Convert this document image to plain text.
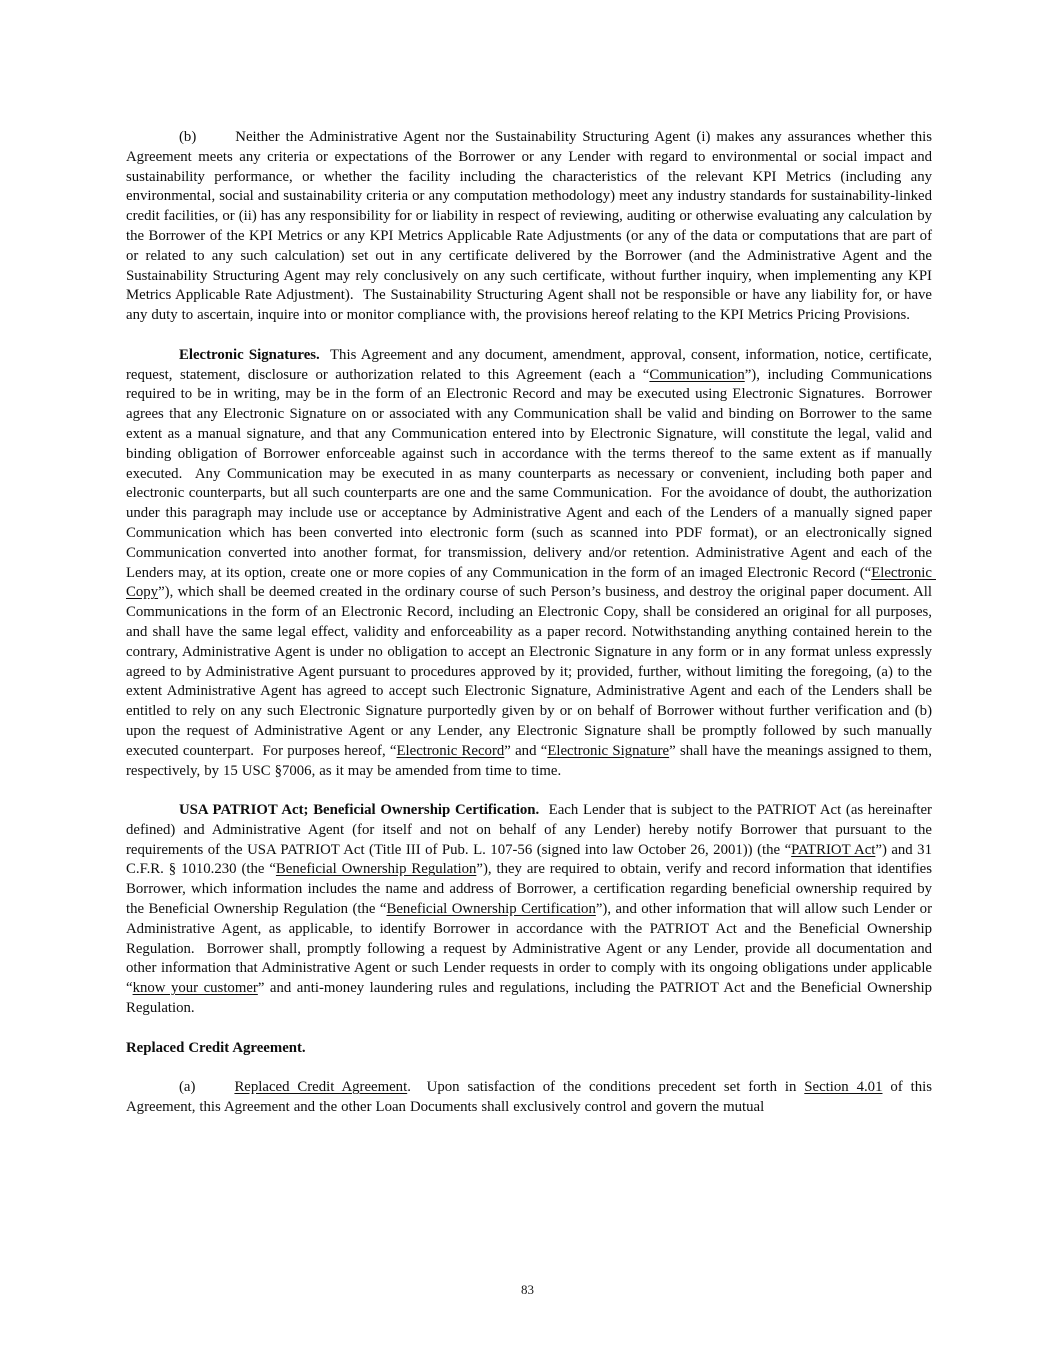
(b)	Neither the Administrative Agent nor the Sustainability Structuring Agent (i) makes any assurances whether this Agreement meets any criteria or expectations of the Borrower or any Lender with regard to environmental or social impact and sustainability performance, or whether the facility including the characteristics of the relevant KPI Metrics (including any environmental, social and sustainability criteria or any computation methodology) meet any industry standards for sustainability-linked credit facilities, or (ii) has any responsibility for or liability in respect of reviewing, auditing or otherwise evaluating any calculation by the Borrower of the KPI Metrics or any KPI Metrics Applicable Rate Adjustments (or any of the data or computations that are part of or related to any such calculation) set out in any certificate delivered by the Borrower (and the Administrative Agent and the Sustainability Structuring Agent may rely conclusively on any such certificate, without further inquiry, when implementing any KPI Metrics Applicable Rate Adjustment).  The Sustainability Structuring Agent shall not be responsible or have any liability for, or have any duty to ascertain, inquire into or monitor compliance with, the provisions hereof relating to the KPI Metrics Pricing Provisions.

Electronic Signatures.  This Agreement and any document, amendment, approval, consent, information, notice, certificate, request, statement, disclosure or authorization related to this Agreement (each a “Communication”), including Communications required to be in writing, may be in the form of an Electronic Record and may be executed using Electronic Signatures.  Borrower agrees that any Electronic Signature on or associated with any Communication shall be valid and binding on Borrower to the same extent as a manual signature, and that any Communication entered into by Electronic Signature, will constitute the legal, valid and binding obligation of Borrower enforceable against such in accordance with the terms thereof to the same extent as if manually executed.  Any Communication may be executed in as many counterparts as necessary or convenient, including both paper and electronic counterparts, but all such counterparts are one and the same Communication.  For the avoidance of doubt, the authorization under this paragraph may include use or acceptance by Administrative Agent and each of the Lenders of a manually signed paper Communication which has been converted into electronic form (such as scanned into PDF format), or an electronically signed Communication converted into another format, for transmission, delivery and/or retention. Administrative Agent and each of the Lenders may, at its option, create one or more copies of any Communication in the form of an imaged Electronic Record (“Electronic Copy”), which shall be deemed created in the ordinary course of such Person’s business, and destroy the original paper document. All Communications in the form of an Electronic Record, including an Electronic Copy, shall be considered an original for all purposes, and shall have the same legal effect, validity and enforceability as a paper record. Notwithstanding anything contained herein to the contrary, Administrative Agent is under no obligation to accept an Electronic Signature in any form or in any format unless expressly agreed to by Administrative Agent pursuant to procedures approved by it; provided, further, without limiting the foregoing, (a) to the extent Administrative Agent has agreed to accept such Electronic Signature, Administrative Agent and each of the Lenders shall be entitled to rely on any such Electronic Signature purportedly given by or on behalf of Borrower without further verification and (b) upon the request of Administrative Agent or any Lender, any Electronic Signature shall be promptly followed by such manually executed counterpart.  For purposes hereof, “Electronic Record” and “Electronic Signature” shall have the meanings assigned to them, respectively, by 15 USC §7006, as it may be amended from time to time.

USA PATRIOT Act; Beneficial Ownership Certification.  Each Lender that is subject to the PATRIOT Act (as hereinafter defined) and Administrative Agent (for itself and not on behalf of any Lender) hereby notify Borrower that pursuant to the requirements of the USA PATRIOT Act (Title III of Pub. L. 107-56 (signed into law October 26, 2001)) (the “PATRIOT Act”) and 31 C.F.R. § 1010.230 (the “Beneficial Ownership Regulation”), they are required to obtain, verify and record information that identifies Borrower, which information includes the name and address of Borrower, a certification regarding beneficial ownership required by the Beneficial Ownership Regulation (the “Beneficial Ownership Certification”), and other information that will allow such Lender or Administrative Agent, as applicable, to identify Borrower in accordance with the PATRIOT Act and the Beneficial Ownership Regulation.  Borrower shall, promptly following a request by Administrative Agent or any Lender, provide all documentation and other information that Administrative Agent or such Lender requests in order to comply with its ongoing obligations under applicable “know your customer” and anti-money laundering rules and regulations, including the PATRIOT Act and the Beneficial Ownership Regulation.

Replaced Credit Agreement.

(a)	Replaced Credit Agreement.  Upon satisfaction of the conditions precedent set forth in Section 4.01 of this Agreement, this Agreement and the other Loan Documents shall exclusively control and govern the mutual

83
